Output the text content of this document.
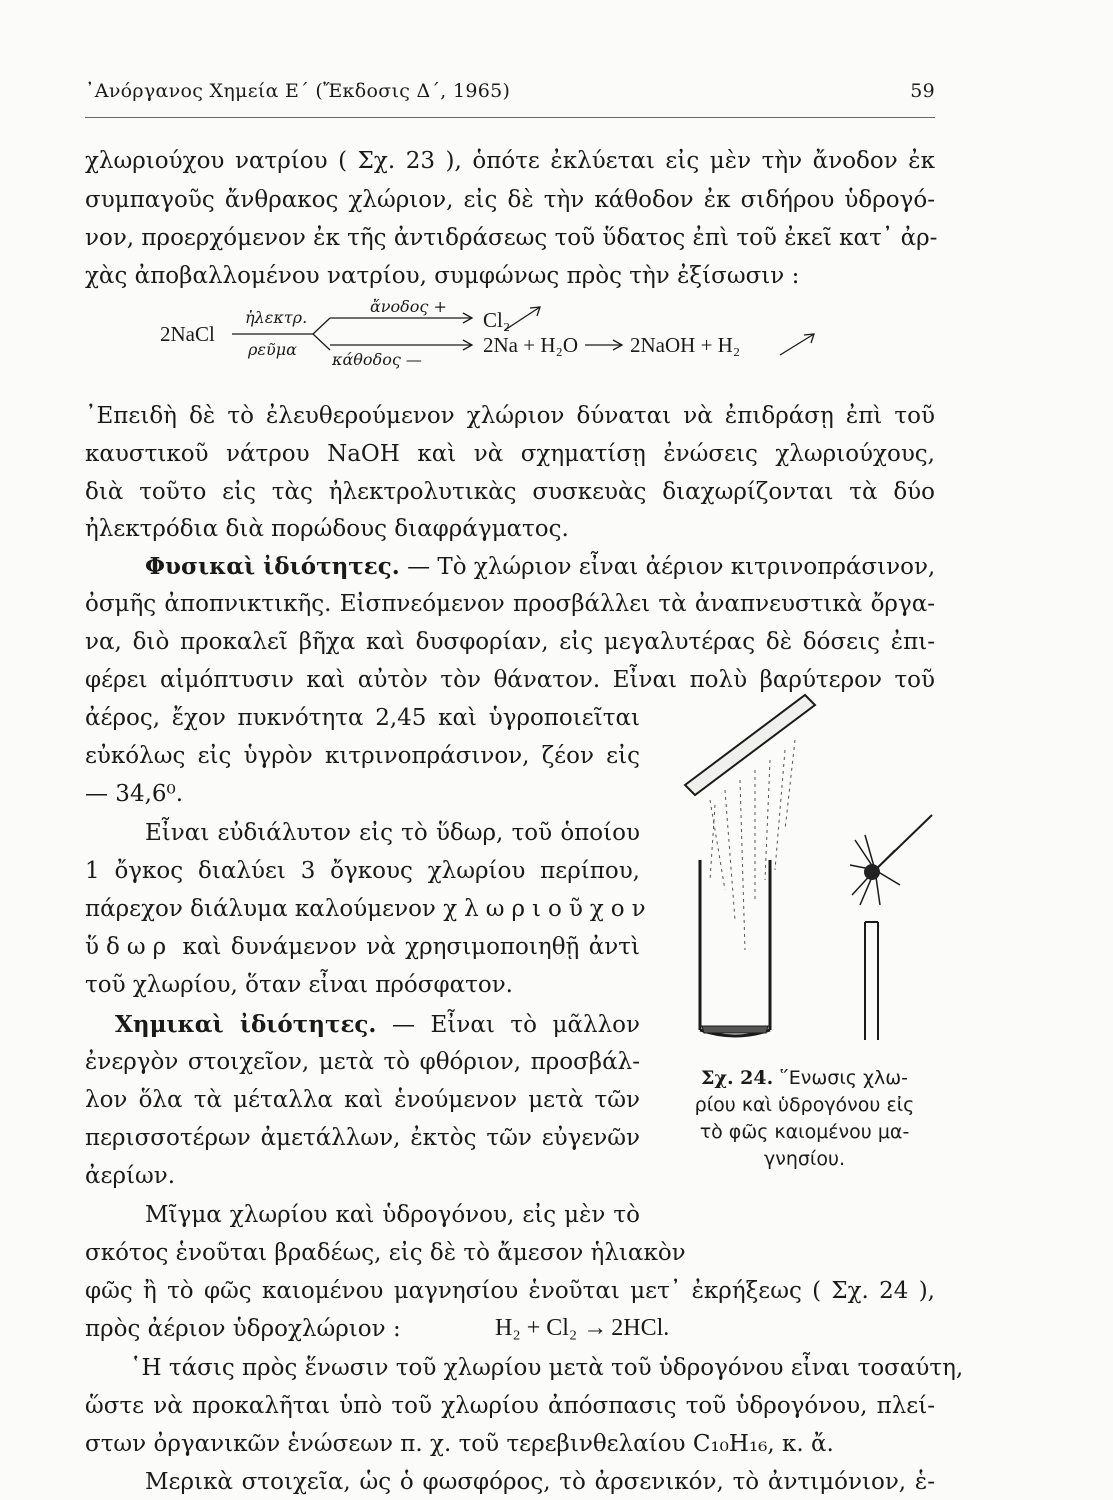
᾿Ανόργανος Χημεία Ε΄ (Ἔκδοσις Δ΄, 1965)	59
χλωριούχου νατρίου ( Σχ. 23 ), ὁπότε ἐκλύεται εἰς μὲν τὴν ἄνοδον ἐκ
συμπαγοῦς ἄνθρακος χλώριον, εἰς δὲ τὴν κάθοδον ἐκ σιδήρου ὑδρογό-
νον, προερχόμενον ἐκ τῆς ἀντιδράσεως τοῦ ὕδατος ἐπὶ τοῦ ἐκεῖ κατ᾿ ἀρ-
χὰς ἀποβαλλομένου νατρίου, συμφώνως πρὸς τὴν ἐξίσωσιν :
2NaCl
ἠλεκτρ.
ρεῦμα
ἄνοδος +
κάθοδος —
Cl₂
2Na + H₂O 2NaOH + H₂
᾿Επειδὴ δὲ τὸ ἐλευθερούμενον χλώριον δύναται νὰ ἐπιδράσῃ ἐπὶ τοῦ
καυστικοῦ νάτρου NaOH καὶ νὰ σχηματίσῃ ἐνώσεις χλωριούχους,
διὰ τοῦτο εἰς τὰς ἠλεκτρολυτικὰς συσκευὰς διαχωρίζονται τὰ δύο
ἠλεκτρόδια διὰ πορώδους διαφράγματος.
Φυσικαὶ ἰδιότητες. — Τὸ χλώριον εἶναι ἀέριον κιτρινοπράσινον,
ὀσμῆς ἀποπνικτικῆς. Εἰσπνεόμενον προσβάλλει τὰ ἀναπνευστικὰ ὄργα-
να, διὸ προκαλεῖ βῆχα καὶ δυσφορίαν, εἰς μεγαλυτέρας δὲ δόσεις ἐπι-
φέρει αἱμόπτυσιν καὶ αὐτὸν τὸν θάνατον. Εἶναι πολὺ βαρύτερον τοῦ
ἀέρος, ἔχον πυκνότητα 2,45 καὶ ὑγροποιεῖται
εὐκόλως εἰς ὑγρὸν κιτρινοπράσινον, ζέον εἰς
— 34,6⁰.
Εἶναι εὐδιάλυτον εἰς τὸ ὕδωρ, τοῦ ὁποίου
1 ὄγκος διαλύει 3 ὄγκους χλωρίου περίπου,
πάρεχον διάλυμα καλούμενον χλωριοῦχον
ὕδωρ καὶ δυνάμενον νὰ χρησιμοποιηθῇ ἀντὶ
τοῦ χλωρίου, ὅταν εἶναι πρόσφατον.
Χημικαὶ ἰδιότητες. — Εἶναι τὸ μᾶλλον
ἐνεργὸν στοιχεῖον, μετὰ τὸ φθόριον, προσβάλ-
λον ὅλα τὰ μέταλλα καὶ ἑνούμενον μετὰ τῶν
περισσοτέρων ἀμετάλλων, ἐκτὸς τῶν εὐγενῶν
ἀερίων.
Μῖγμα χλωρίου καὶ ὑδρογόνου, εἰς μὲν τὸ
σκότος ἑνοῦται βραδέως, εἰς δὲ τὸ ἄμεσον ἡλιακὸν
φῶς ἢ τὸ φῶς καιομένου μαγνησίου ἑνοῦται μετ᾿ ἐκρήξεως ( Σχ. 24 ),
πρὸς ἀέριον ὑδροχλώριον :	H₂ + Cl₂ → 2HCl.
῾Η τάσις πρὸς ἕνωσιν τοῦ χλωρίου μετὰ τοῦ ὑδρογόνου εἶναι τοσαύτη,
ὥστε νὰ προκαλῆται ὑπὸ τοῦ χλωρίου ἀπόσπασις τοῦ ὑδρογόνου, πλεί-
στων ὀργανικῶν ἑνώσεων π. χ. τοῦ τερεβινθελαίου C₁₀H₁₆, κ. ἄ.
Μερικὰ στοιχεῖα, ὡς ὁ φωσφόρος, τὸ ἀρσενικόν, τὸ ἀντιμόνιον, ἑ-
Σχ. 24. ῞Ενωσις χλω- ρίου καὶ ὑδρογόνου εἰς τὸ φῶς καιομένου μα- γνησίου.
